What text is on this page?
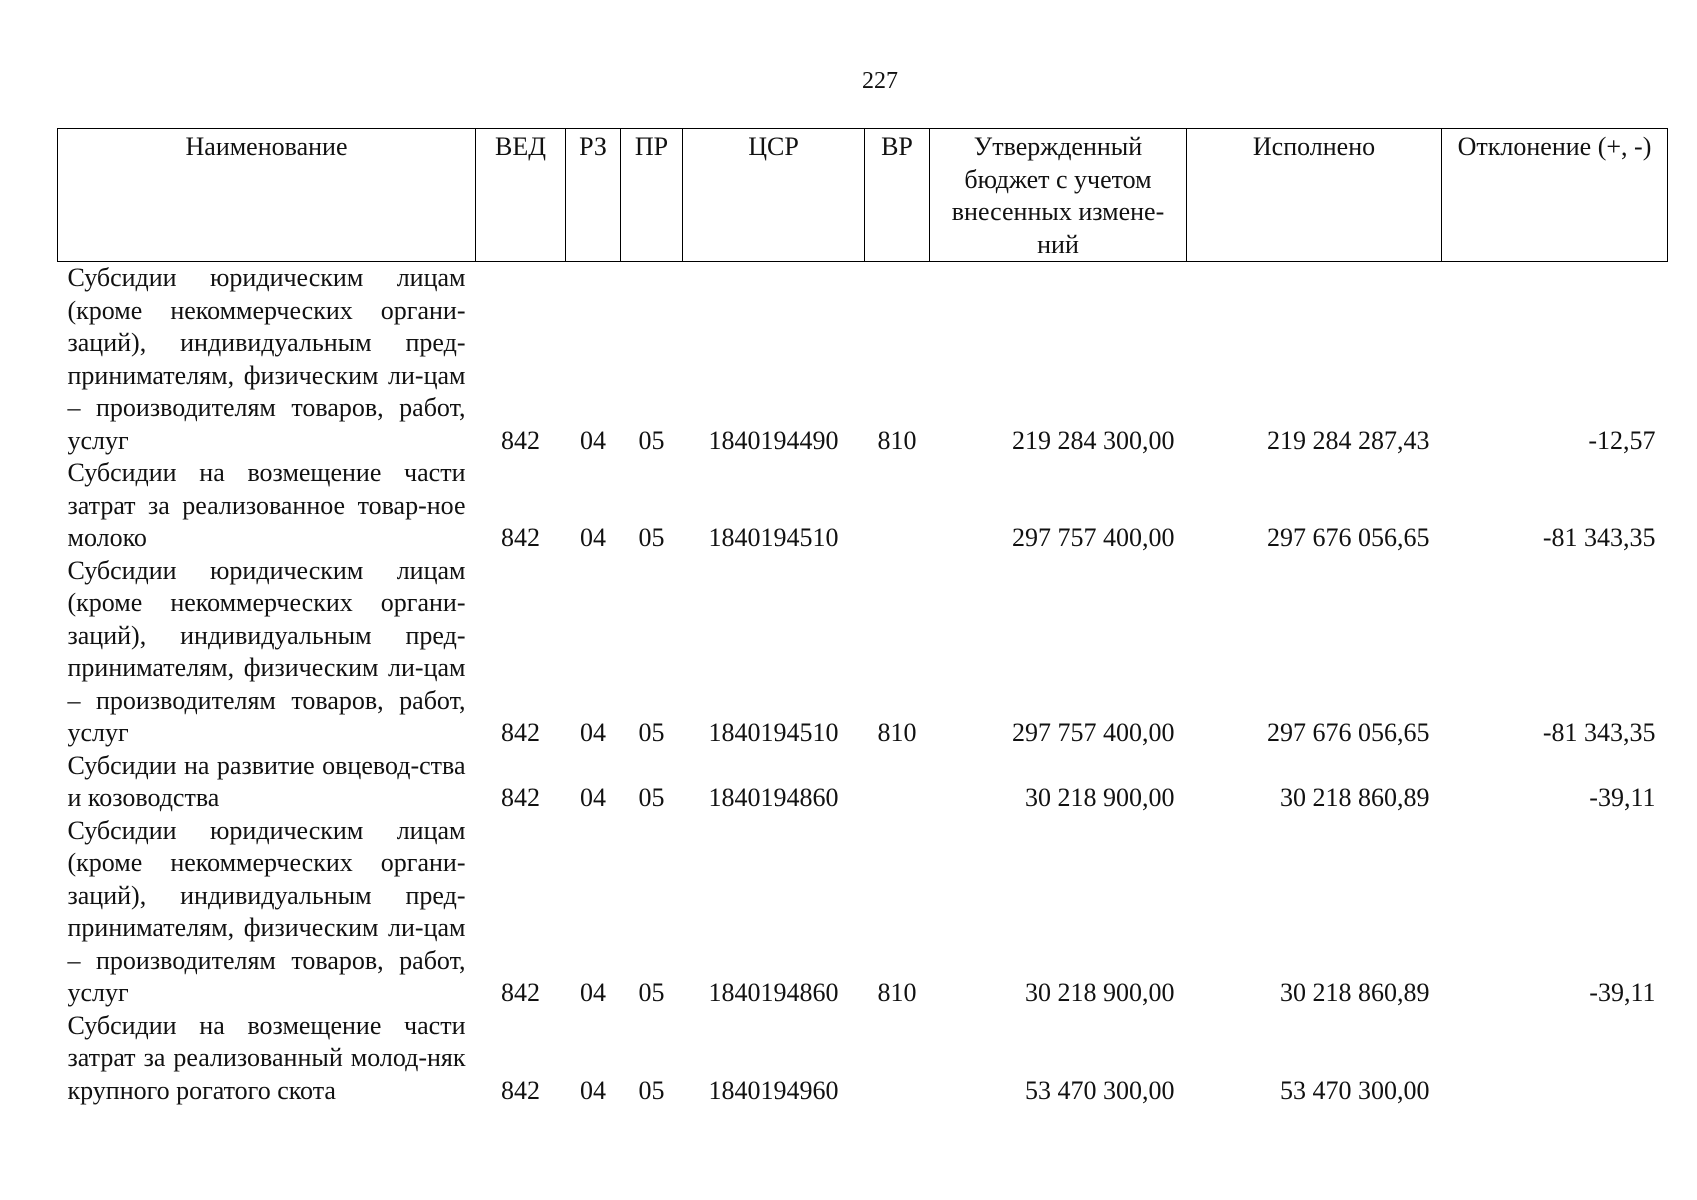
227
Наименование	ВЕД	РЗ	ПР	ЦСР	ВР	Утвержденный бюджет с учетом внесенных измене-ний	Исполнено	Отклонение (+, -)
Субсидии юридическим лицам (кроме некоммерческих органи-заций), индивидуальным пред-принимателям, физическим ли-цам – производителям товаров, работ, услуг	842	04	05	1840194490	810	219 284 300,00	219 284 287,43	-12,57
Субсидии на возмещение части затрат за реализованное товар-ное молоко	842	04	05	1840194510		297 757 400,00	297 676 056,65	-81 343,35
Субсидии юридическим лицам (кроме некоммерческих органи-заций), индивидуальным пред-принимателям, физическим ли-цам – производителям товаров, работ, услуг	842	04	05	1840194510	810	297 757 400,00	297 676 056,65	-81 343,35
Субсидии на развитие овцевод-ства и козоводства	842	04	05	1840194860		30 218 900,00	30 218 860,89	-39,11
Субсидии юридическим лицам (кроме некоммерческих органи-заций), индивидуальным пред-принимателям, физическим ли-цам – производителям товаров, работ, услуг	842	04	05	1840194860	810	30 218 900,00	30 218 860,89	-39,11
Субсидии на возмещение части затрат за реализованный молод-няк крупного рогатого скота	842	04	05	1840194960		53 470 300,00	53 470 300,00	
